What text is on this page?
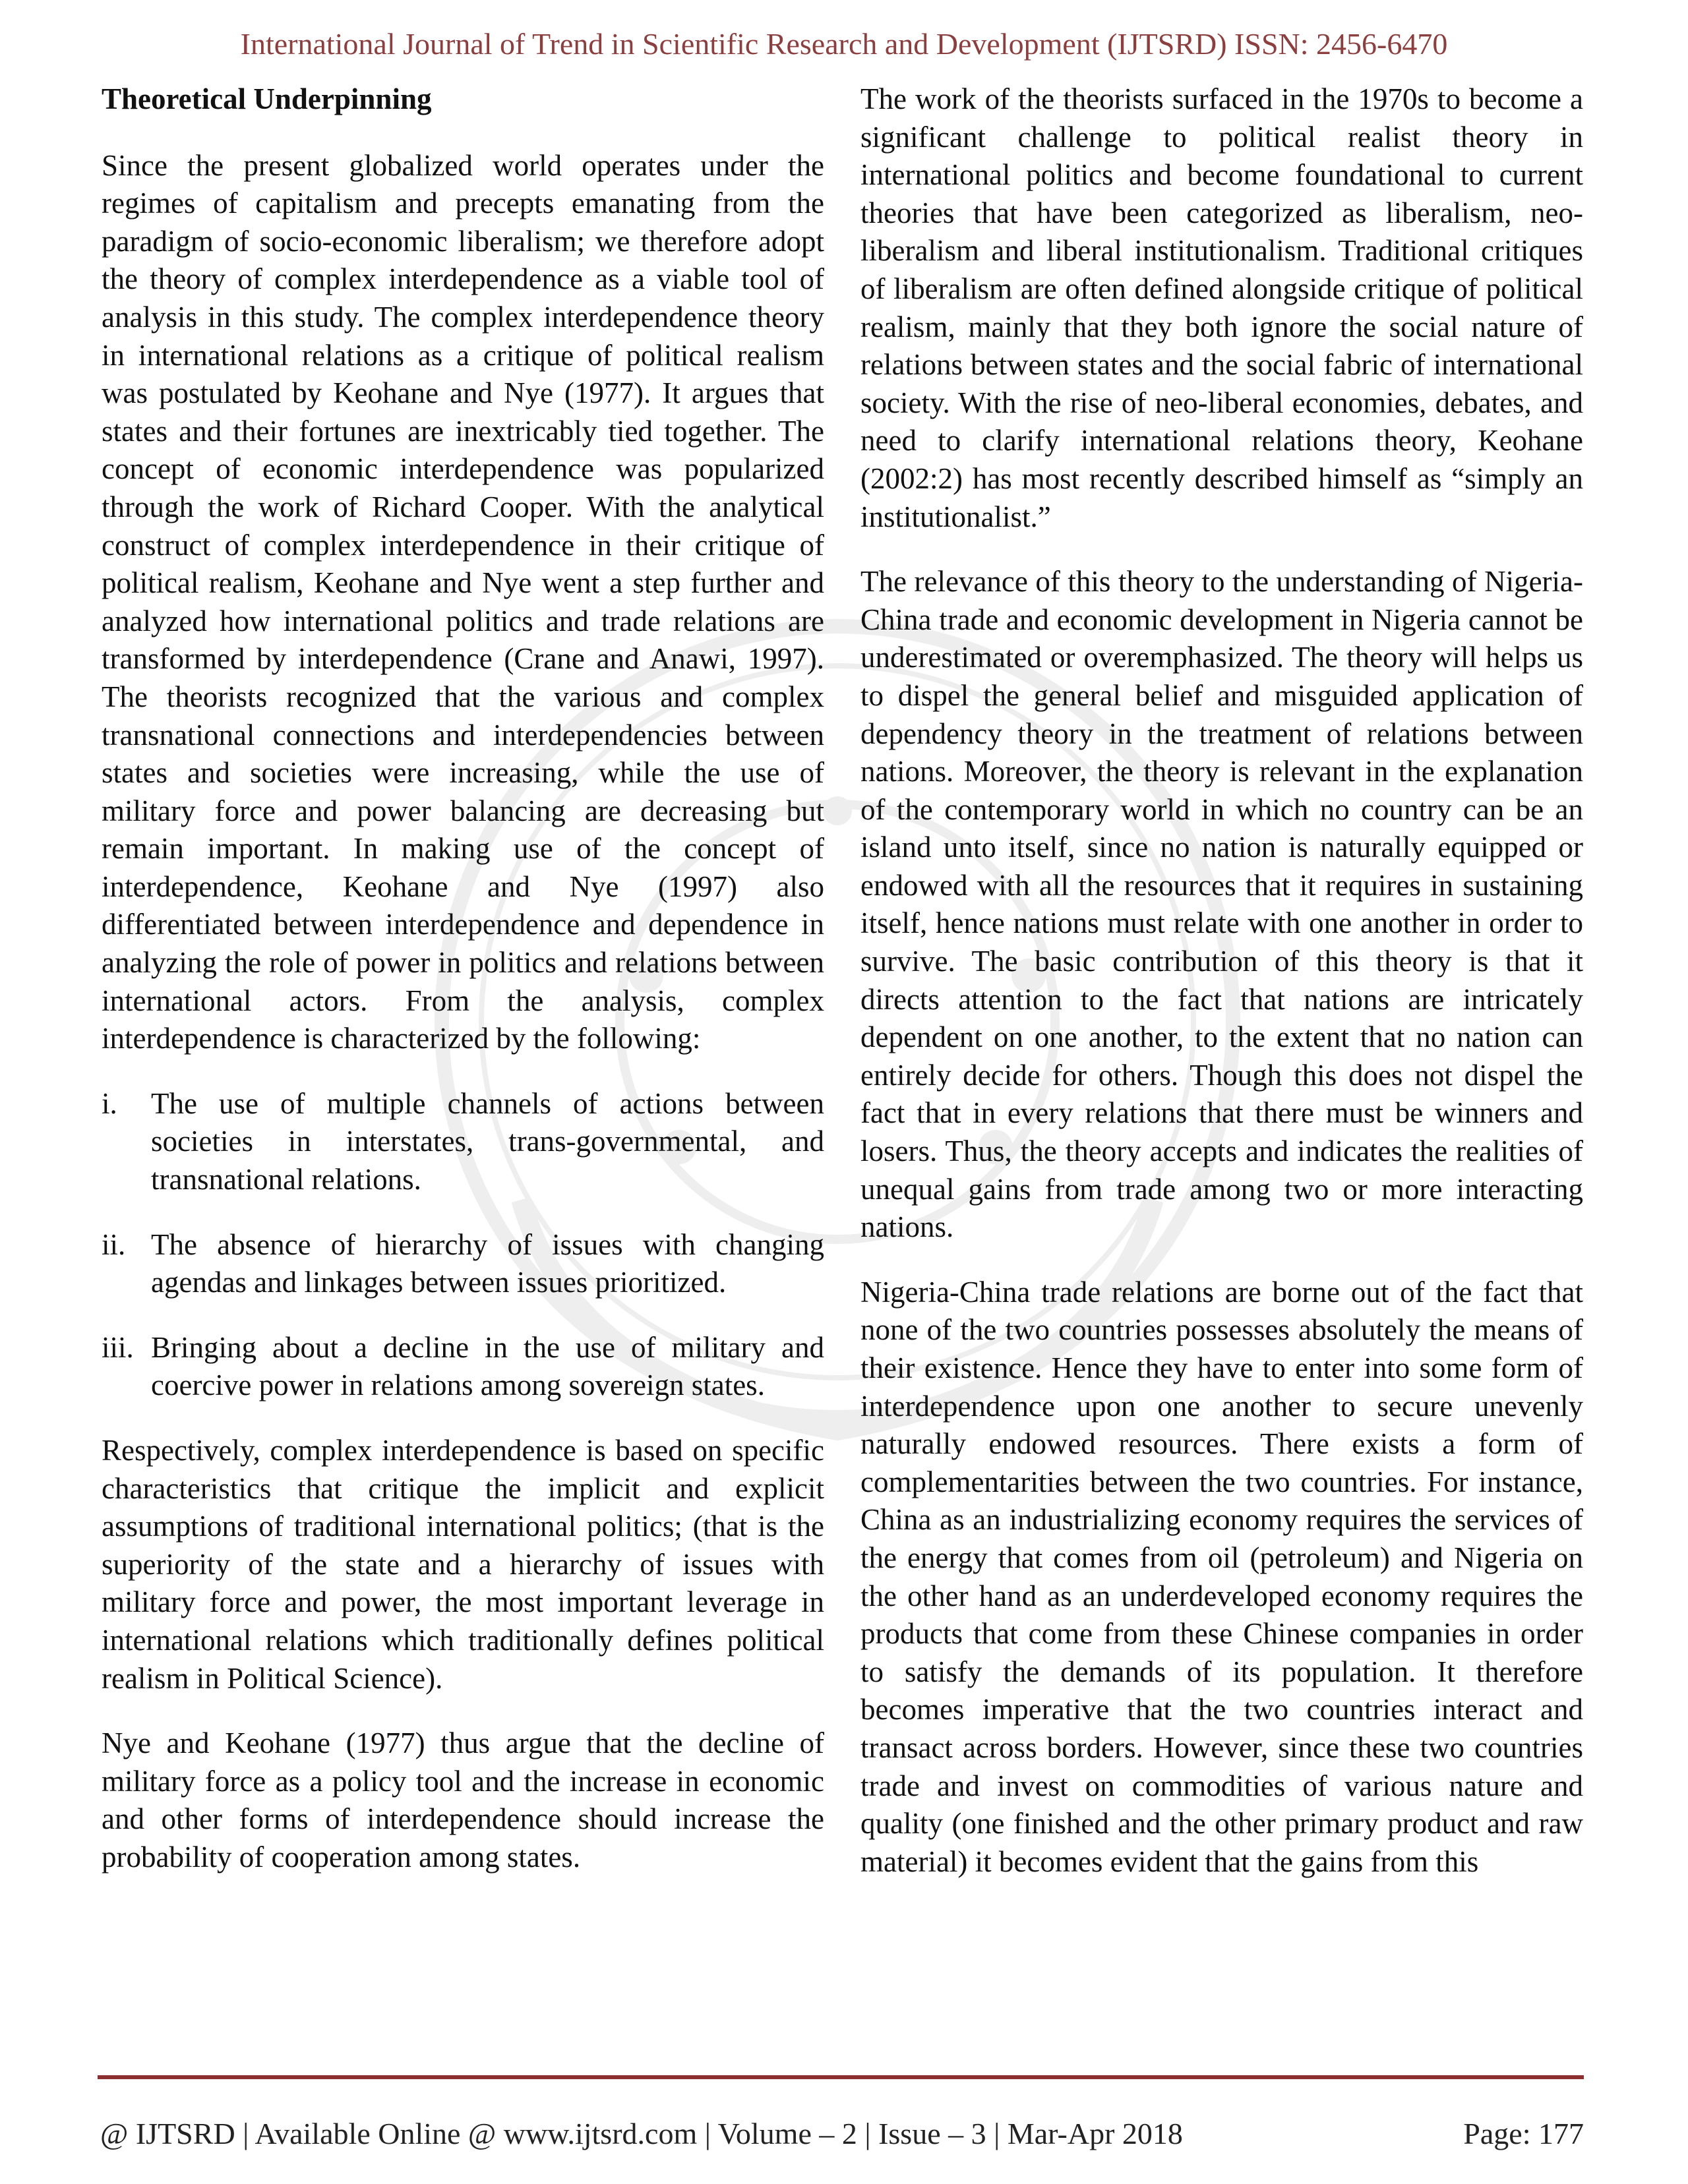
International Journal of Trend in Scientific Research and Development (IJTSRD) ISSN: 2456-6470
Theoretical Underpinning

Since the present globalized world operates under the regimes of capitalism and precepts emanating from the paradigm of socio-economic liberalism; we therefore adopt the theory of complex interdependence as a viable tool of analysis in this study. The complex interdependence theory in international relations as a critique of political realism was postulated by Keohane and Nye (1977). It argues that states and their fortunes are inextricably tied together. The concept of economic interdependence was popularized through the work of Richard Cooper. With the analytical construct of complex interdependence in their critique of political realism, Keohane and Nye went a step further and analyzed how international politics and trade relations are transformed by interdependence (Crane and Anawi, 1997). The theorists recognized that the various and complex transnational connections and interdependencies between states and societies were increasing, while the use of military force and power balancing are decreasing but remain important. In making use of the concept of interdependence, Keohane and Nye (1997) also differentiated between interdependence and dependence in analyzing the role of power in politics and relations between international actors. From the analysis, complex interdependence is characterized by the following:

i.	The use of multiple channels of actions between societies in interstates, trans-governmental, and transnational relations.
ii. The absence of hierarchy of issues with changing agendas and linkages between issues prioritized.
iii. Bringing about a decline in the use of military and coercive power in relations among sovereign states.

Respectively, complex interdependence is based on specific characteristics that critique the implicit and explicit assumptions of traditional international politics; (that is the superiority of the state and a hierarchy of issues with military force and power, the most important leverage in international relations which traditionally defines political realism in Political Science).

Nye and Keohane (1977) thus argue that the decline of military force as a policy tool and the increase in economic and other forms of interdependence should increase the probability of cooperation among states.

The work of the theorists surfaced in the 1970s to become a significant challenge to political realist theory in international politics and become foundational to current theories that have been categorized as liberalism, neo-liberalism and liberal institutionalism. Traditional critiques of liberalism are often defined alongside critique of political realism, mainly that they both ignore the social nature of relations between states and the social fabric of international society. With the rise of neo-liberal economies, debates, and need to clarify international relations theory, Keohane (2002:2) has most recently described himself as “simply an institutionalist.”

The relevance of this theory to the understanding of Nigeria-China trade and economic development in Nigeria cannot be underestimated or overemphasized. The theory will helps us to dispel the general belief and misguided application of dependency theory in the treatment of relations between nations. Moreover, the theory is relevant in the explanation of the contemporary world in which no country can be an island unto itself, since no nation is naturally equipped or endowed with all the resources that it requires in sustaining itself, hence nations must relate with one another in order to survive. The basic contribution of this theory is that it directs attention to the fact that nations are intricately dependent on one another, to the extent that no nation can entirely decide for others. Though this does not dispel the fact that in every relations that there must be winners and losers. Thus, the theory accepts and indicates the realities of unequal gains from trade among two or more interacting nations.

Nigeria-China trade relations are borne out of the fact that none of the two countries possesses absolutely the means of their existence. Hence they have to enter into some form of interdependence upon one another to secure unevenly naturally endowed resources. There exists a form of complementarities between the two countries. For instance, China as an industrializing economy requires the services of the energy that comes from oil (petroleum) and Nigeria on the other hand as an underdeveloped economy requires the products that come from these Chinese companies in order to satisfy the demands of its population. It therefore becomes imperative that the two countries interact and transact across borders. However, since these two countries trade and invest on commodities of various nature and quality (one finished and the other primary product and raw material) it becomes evident that the gains from this

@ IJTSRD | Available Online @ www.ijtsrd.com | Volume – 2 | Issue – 3 | Mar-Apr 2018	Page: 177
